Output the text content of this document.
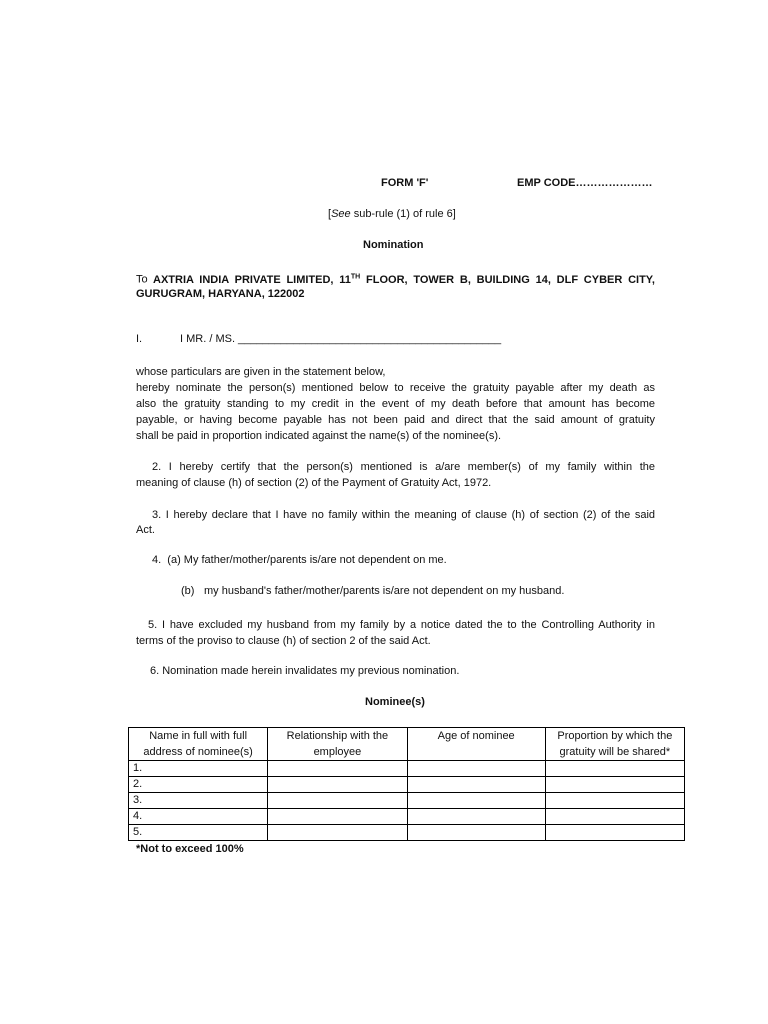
FORM 'F'	EMP CODE…………………
[See sub-rule (1) of rule 6]
Nomination
To AXTRIA INDIA PRIVATE LIMITED, 11TH FLOOR, TOWER B, BUILDING 14, DLF CYBER CITY,
GURUGRAM, HARYANA, 122002
I.	I MR. / MS. ___________________________________________
whose particulars are given in the statement below,
hereby nominate the person(s) mentioned below to receive the gratuity payable after my death as
also the gratuity standing to my credit in the event of my death before that amount has become
payable, or having become payable has not been paid and direct that the said amount of gratuity
shall be paid in proportion indicated against the name(s) of the nominee(s).
2. I hereby certify that the person(s) mentioned is a/are member(s) of my family within the
meaning of clause (h) of section (2) of the Payment of Gratuity Act, 1972.
3. I hereby declare that I have no family within the meaning of clause (h) of section (2) of the said
Act.
4.  (a) My father/mother/parents is/are not dependent on me.
(b) my husband's father/mother/parents is/are not dependent on my husband.
5. I have excluded my husband from my family by a notice dated the to the Controlling Authority in
terms of the proviso to clause (h) of section 2 of the said Act.
6. Nomination made herein invalidates my previous nomination.
Nominee(s)
Name in full with full address of nominee(s)	Relationship with the employee	Age of nominee	Proportion by which the gratuity will be shared*
1.			
2.			
3.			
4.			
5.			
*Not to exceed 100%
